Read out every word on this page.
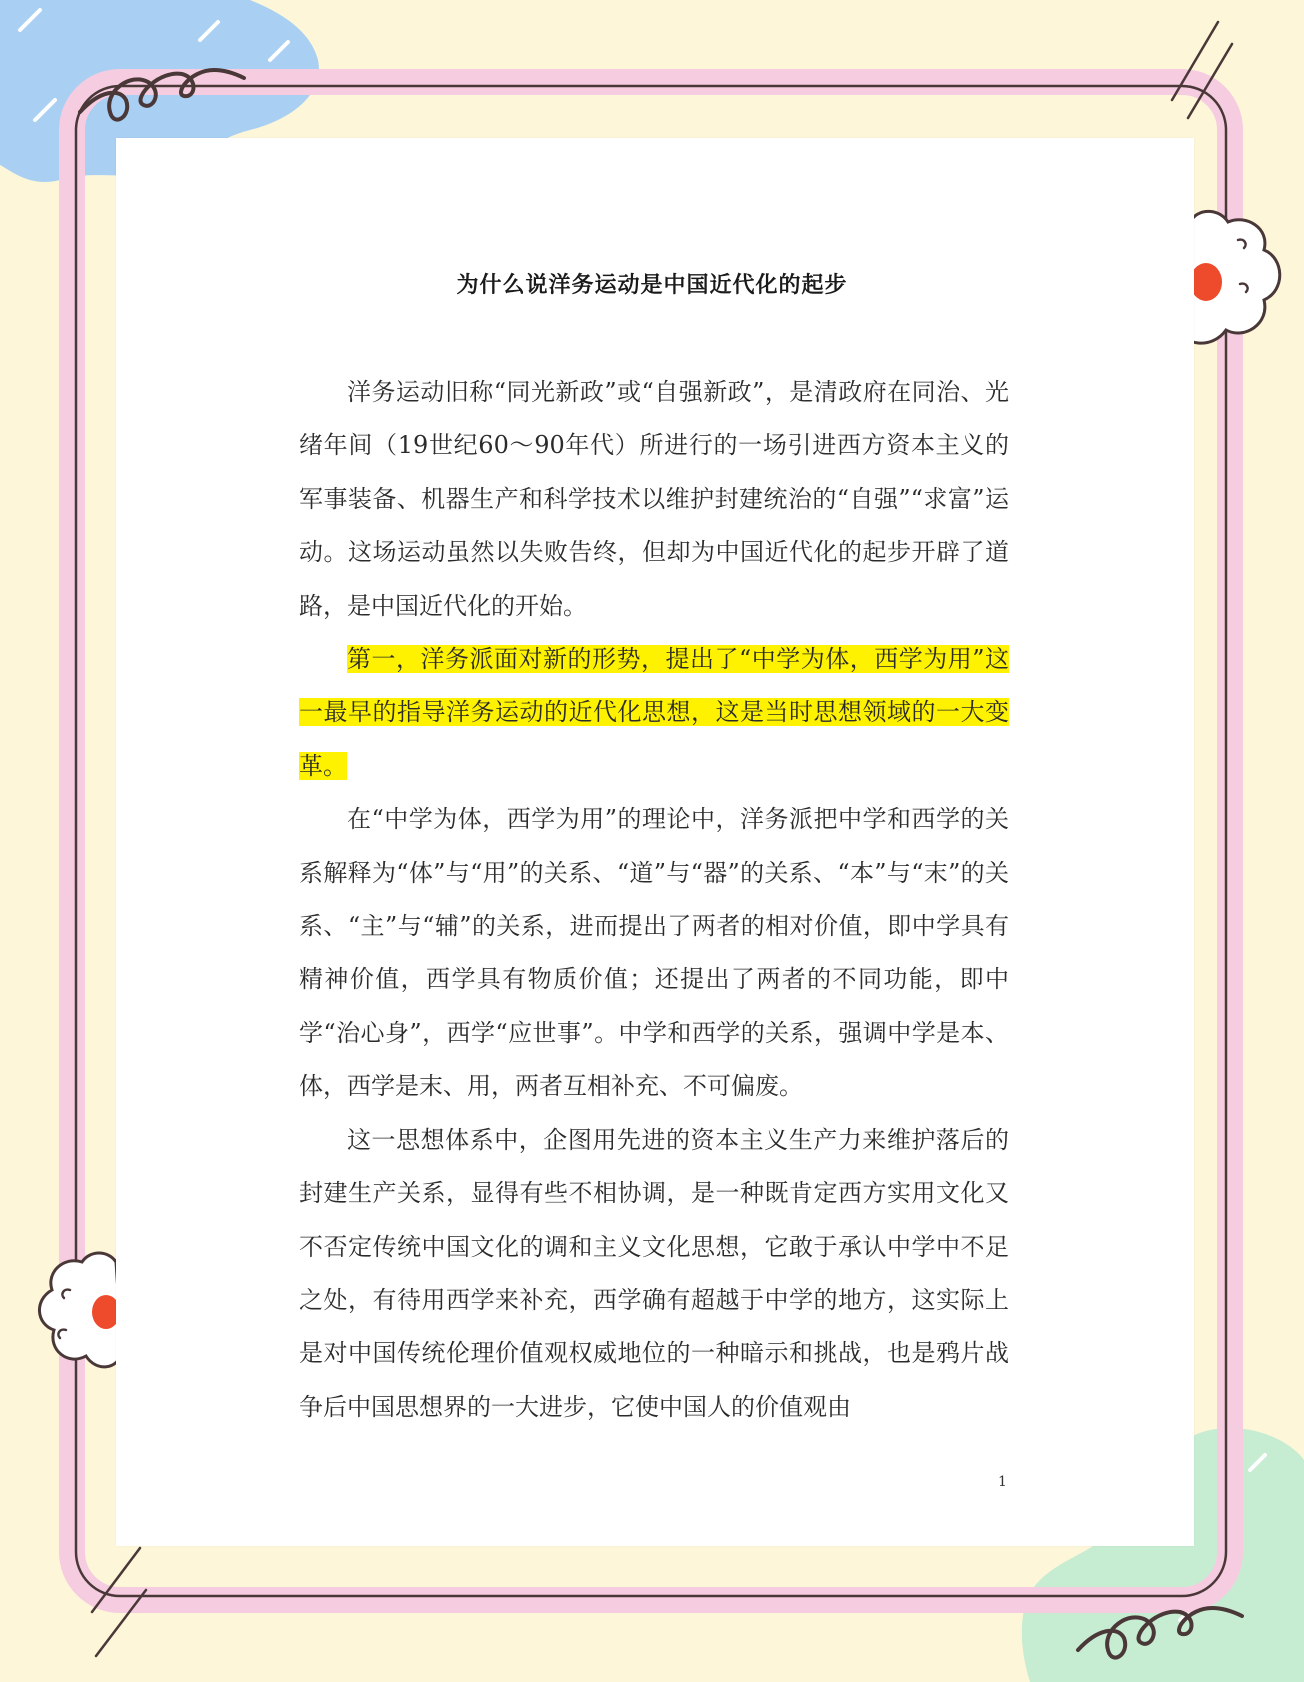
为什么说洋务运动是中国近代化的起步

洋务运动旧称“同光新政”或“自强新政”，是清政府在同治、光绪年间（19世纪60～90年代）所进行的一场引进西方资本主义的军事装备、机器生产和科学技术以维护封建统治的“自强”“求富”运动。这场运动虽然以失败告终，但却为中国近代化的起步开辟了道路，是中国近代化的开始。

第一，洋务派面对新的形势，提出了“中学为体，西学为用”这一最早的指导洋务运动的近代化思想，这是当时思想领域的一大变革。

在“中学为体，西学为用”的理论中，洋务派把中学和西学的关系解释为“体”与“用”的关系、“道”与“器”的关系、“本”与“末”的关系、“主”与“辅”的关系，进而提出了两者的相对价值，即中学具有精神价值，西学具有物质价值；还提出了两者的不同功能，即中学“治心身”，西学“应世事”。中学和西学的关系，强调中学是本、体，西学是末、用，两者互相补充、不可偏废。

这一思想体系中，企图用先进的资本主义生产力来维护落后的封建生产关系，显得有些不相协调，是一种既肯定西方实用文化又不否定传统中国文化的调和主义文化思想，它敢于承认中学中不足之处，有待用西学来补充，西学确有超越于中学的地方，这实际上是对中国传统伦理价值观权威地位的一种暗示和挑战，也是鸦片战争后中国思想界的一大进步，它使中国人的价值观由

1
